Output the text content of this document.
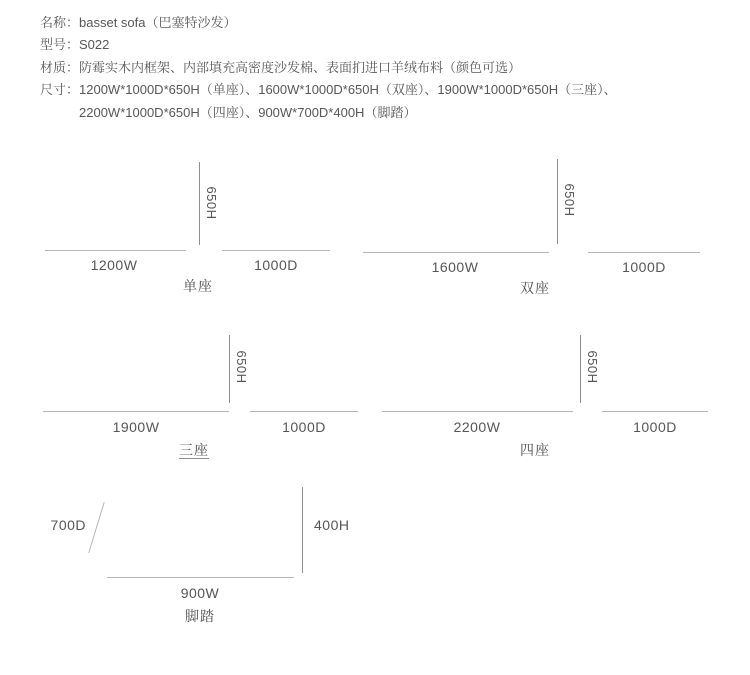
名称：basset sofa（巴塞特沙发）
型号：S022
材质：防霉实木内框架、内部填充高密度沙发棉、表面扪进口羊绒布料（颜色可选）
尺寸： 1200W*1000D*650H（单座）、1600W*1000D*650H（双座）、1900W*1000D*650H（三座）、
2200W*1000D*650H（四座）、900W*700D*400H（脚踏）
1200W
650H
1000D
单座
1600W
650H
1000D
双座
1900W
650H
1000D
三座
2200W
650H
1000D
四座
700D	400H
900W
脚踏
